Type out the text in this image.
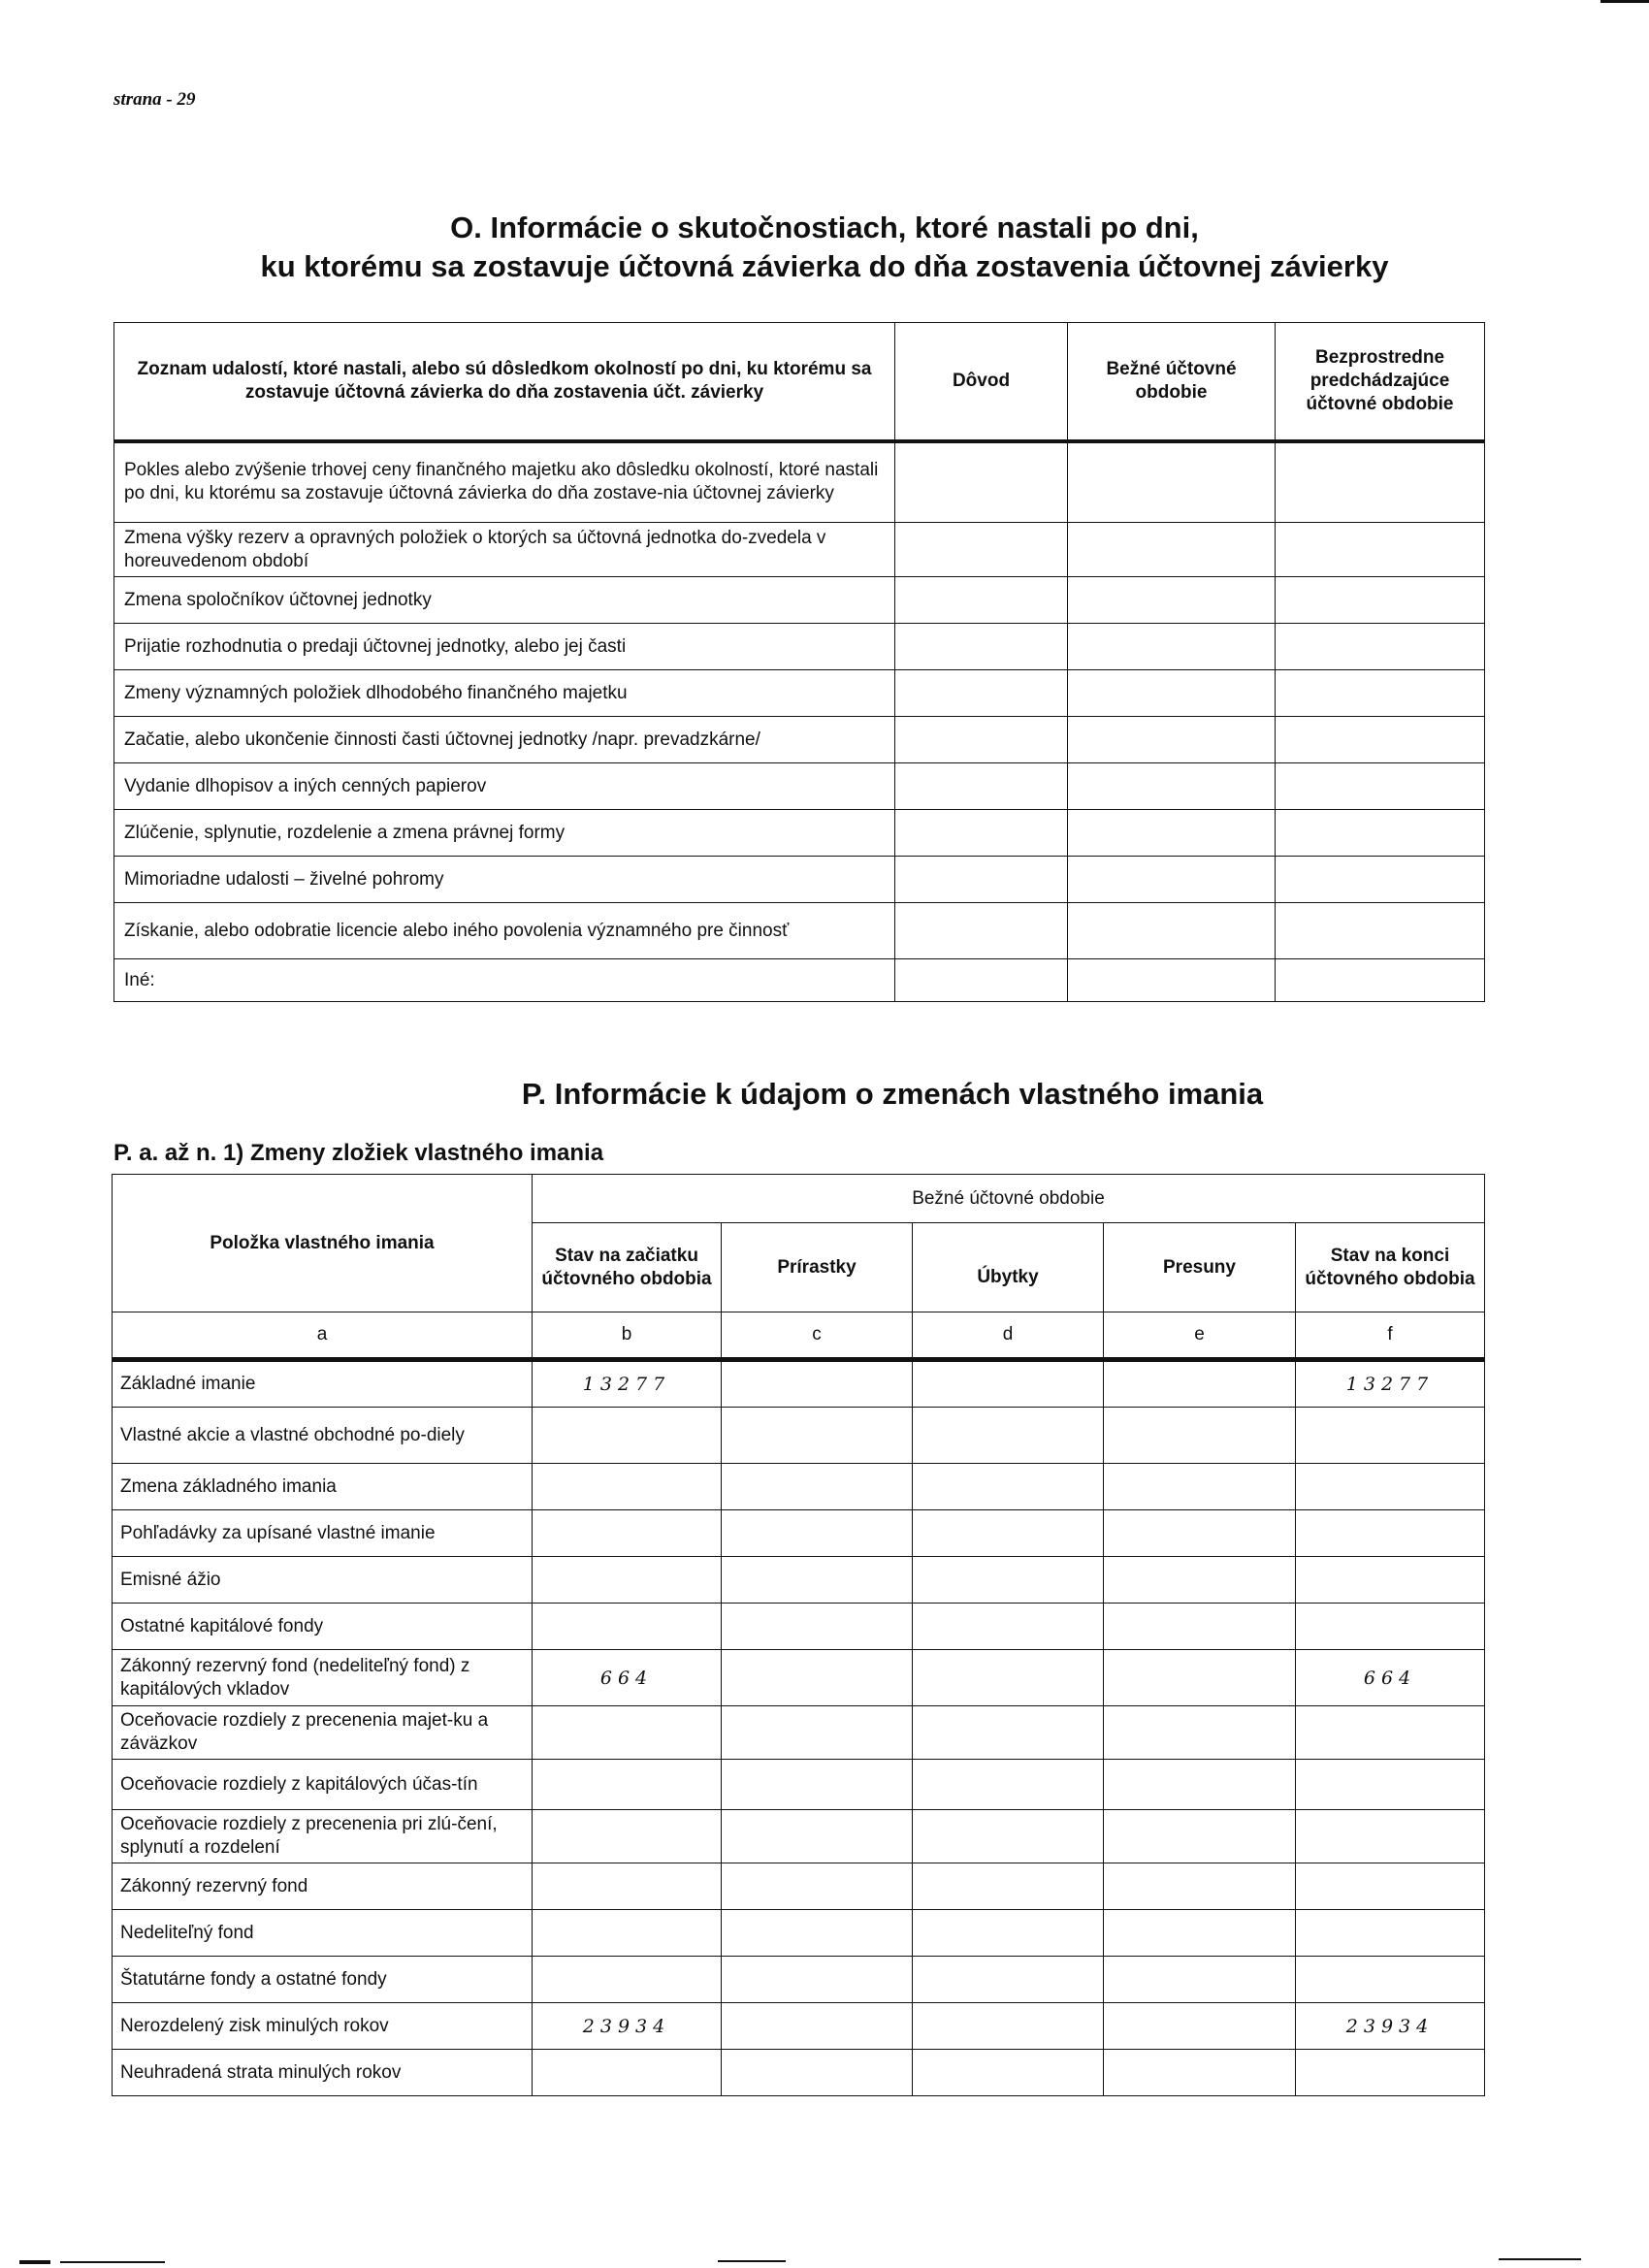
strana - 29
O. Informácie o skutočnostiach, ktoré nastali po dni,
ku ktorému sa zostavuje účtovná závierka do dňa zostavenia účtovnej závierky
Zoznam udalostí, ktoré nastali, alebo sú dôsledkom okolností po dni, ku ktorému sa zostavuje účtovná závierka do dňa zostavenia účt. závierky	Dôvod	Bežné účtovné obdobie	Bezprostredne predchádzajúce účtovné obdobie
Pokles alebo zvýšenie trhovej ceny finančného majetku ako dôsledku okolností, ktoré nastali po dni, ku ktorému sa zostavuje účtovná závierka do dňa zostave-nia účtovnej závierky			
Zmena výšky rezerv a opravných položiek o ktorých sa účtovná jednotka do-zvedela v horeuvedenom období			
Zmena spoločníkov účtovnej jednotky			
Prijatie rozhodnutia o predaji účtovnej jednotky, alebo jej časti			
Zmeny významných položiek dlhodobého finančného majetku			
Začatie, alebo ukončenie činnosti časti účtovnej jednotky /napr. prevadzkárne/			
Vydanie dlhopisov a iných cenných papierov			
Zlúčenie, splynutie, rozdelenie a zmena právnej formy			
Mimoriadne udalosti – živelné pohromy			
Získanie, alebo odobratie licencie alebo iného povolenia významného pre činnosť			
Iné:			
P. Informácie k údajom o zmenách vlastného imania
P. a. až n. 1) Zmeny zložiek vlastného imania
Položka vlastného imania	Bežné účtovné obdobie				
	Stav na začiatku účtovného obdobia	Prírastky	Úbytky	Presuny	Stav na konci účtovného obdobia
a	b	c	d	e	f
Základné imanie	13277				13277
Vlastné akcie a vlastné obchodné po-diely					
Zmena základného imania					
Pohľadávky za upísané vlastné imanie					
Emisné ážio					
Ostatné kapitálové fondy					
Zákonný rezervný fond (nedeliteľný fond) z kapitálových vkladov	664				664
Oceňovacie rozdiely z precenenia majet-ku a záväzkov					
Oceňovacie rozdiely z kapitálových účas-tín					
Oceňovacie rozdiely z precenenia pri zlú-čení, splynutí a rozdelení					
Zákonný rezervný fond					
Nedeliteľný fond					
Štatutárne fondy a ostatné fondy					
Nerozdelený zisk minulých rokov	23934				23934
Neuhradená strata minulých rokov					
